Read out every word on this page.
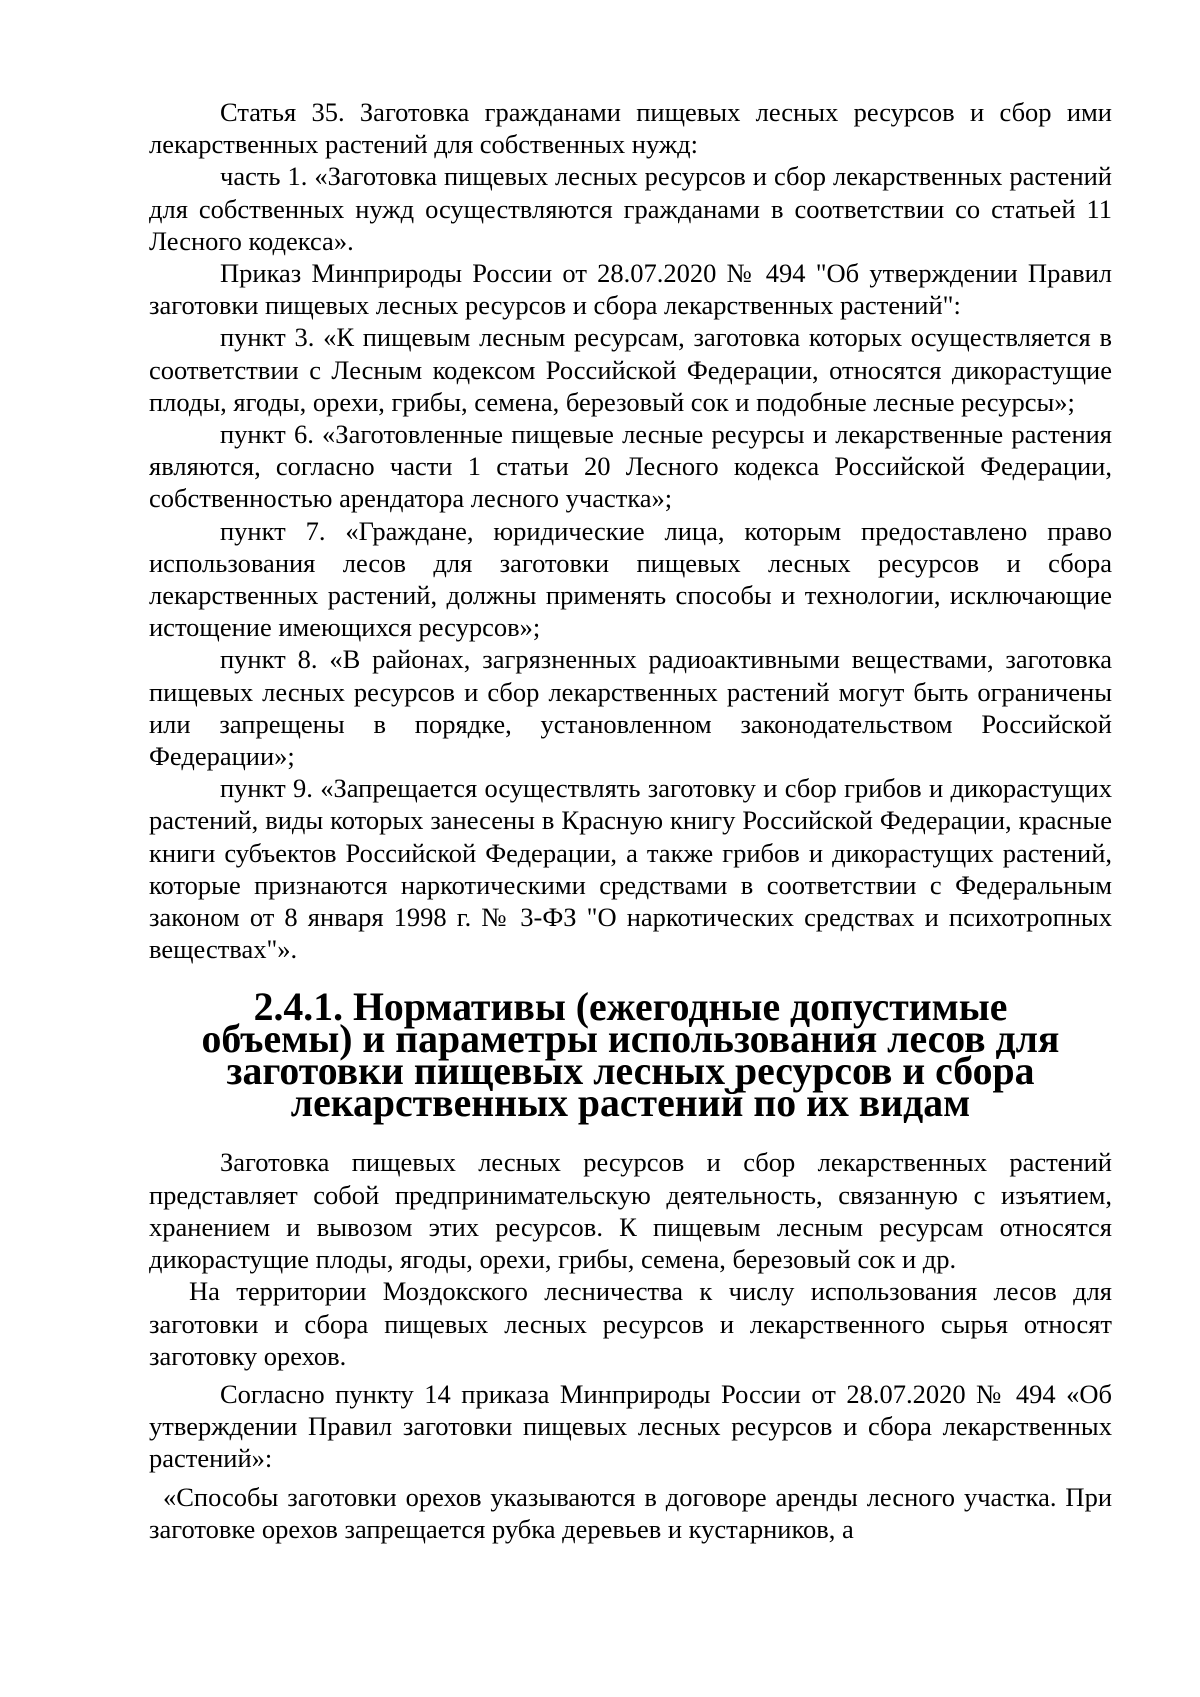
Статья 35. Заготовка гражданами пищевых лесных ресурсов и сбор ими лекарственных растений для собственных нужд:

часть 1. «Заготовка пищевых лесных ресурсов и сбор лекарственных растений для собственных нужд осуществляются гражданами в соответствии со статьей 11 Лесного кодекса».

Приказ Минприроды России от 28.07.2020 № 494 "Об утверждении Правил заготовки пищевых лесных ресурсов и сбора лекарственных растений":

пункт 3. «К пищевым лесным ресурсам, заготовка которых осуществляется в соответствии с Лесным кодексом Российской Федерации, относятся дикорастущие плоды, ягоды, орехи, грибы, семена, березовый сок и подобные лесные ресурсы»;

пункт 6. «Заготовленные пищевые лесные ресурсы и лекарственные растения являются, согласно части 1 статьи 20 Лесного кодекса Российской Федерации, собственностью арендатора лесного участка»;

пункт 7. «Граждане, юридические лица, которым предоставлено право использования лесов для заготовки пищевых лесных ресурсов и сбора лекарственных растений, должны применять способы и технологии, исключающие истощение имеющихся ресурсов»;

пункт 8. «В районах, загрязненных радиоактивными веществами, заготовка пищевых лесных ресурсов и сбор лекарственных растений могут быть ограничены или запрещены в порядке, установленном законодательством Российской Федерации»;

пункт 9. «Запрещается осуществлять заготовку и сбор грибов и дикорастущих растений, виды которых занесены в Красную книгу Российской Федерации, красные книги субъектов Российской Федерации, а также грибов и дикорастущих растений, которые признаются наркотическими средствами в соответствии с Федеральным законом от 8 января 1998 г. № 3-ФЗ "О наркотических средствах и психотропных веществах"».

2.4.1. Нормативы (ежегодные допустимые объемы) и параметры использования лесов для заготовки пищевых лесных ресурсов и сбора лекарственных растений по их видам

Заготовка пищевых лесных ресурсов и сбор лекарственных растений представляет собой предпринимательскую деятельность, связанную с изъятием, хранением и вывозом этих ресурсов. К пищевым лесным ресурсам относятся дикорастущие плоды, ягоды, орехи, грибы, семена, березовый сок и др.

На территории Моздокского лесничества к числу использования лесов для заготовки и сбора пищевых лесных ресурсов и лекарственного сырья относят заготовку орехов.

Согласно пункту 14 приказа Минприроды России от 28.07.2020 № 494 «Об утверждении Правил заготовки пищевых лесных ресурсов и сбора лекарственных растений»:

«Способы заготовки орехов указываются в договоре аренды лесного участка. При заготовке орехов запрещается рубка деревьев и кустарников, а
